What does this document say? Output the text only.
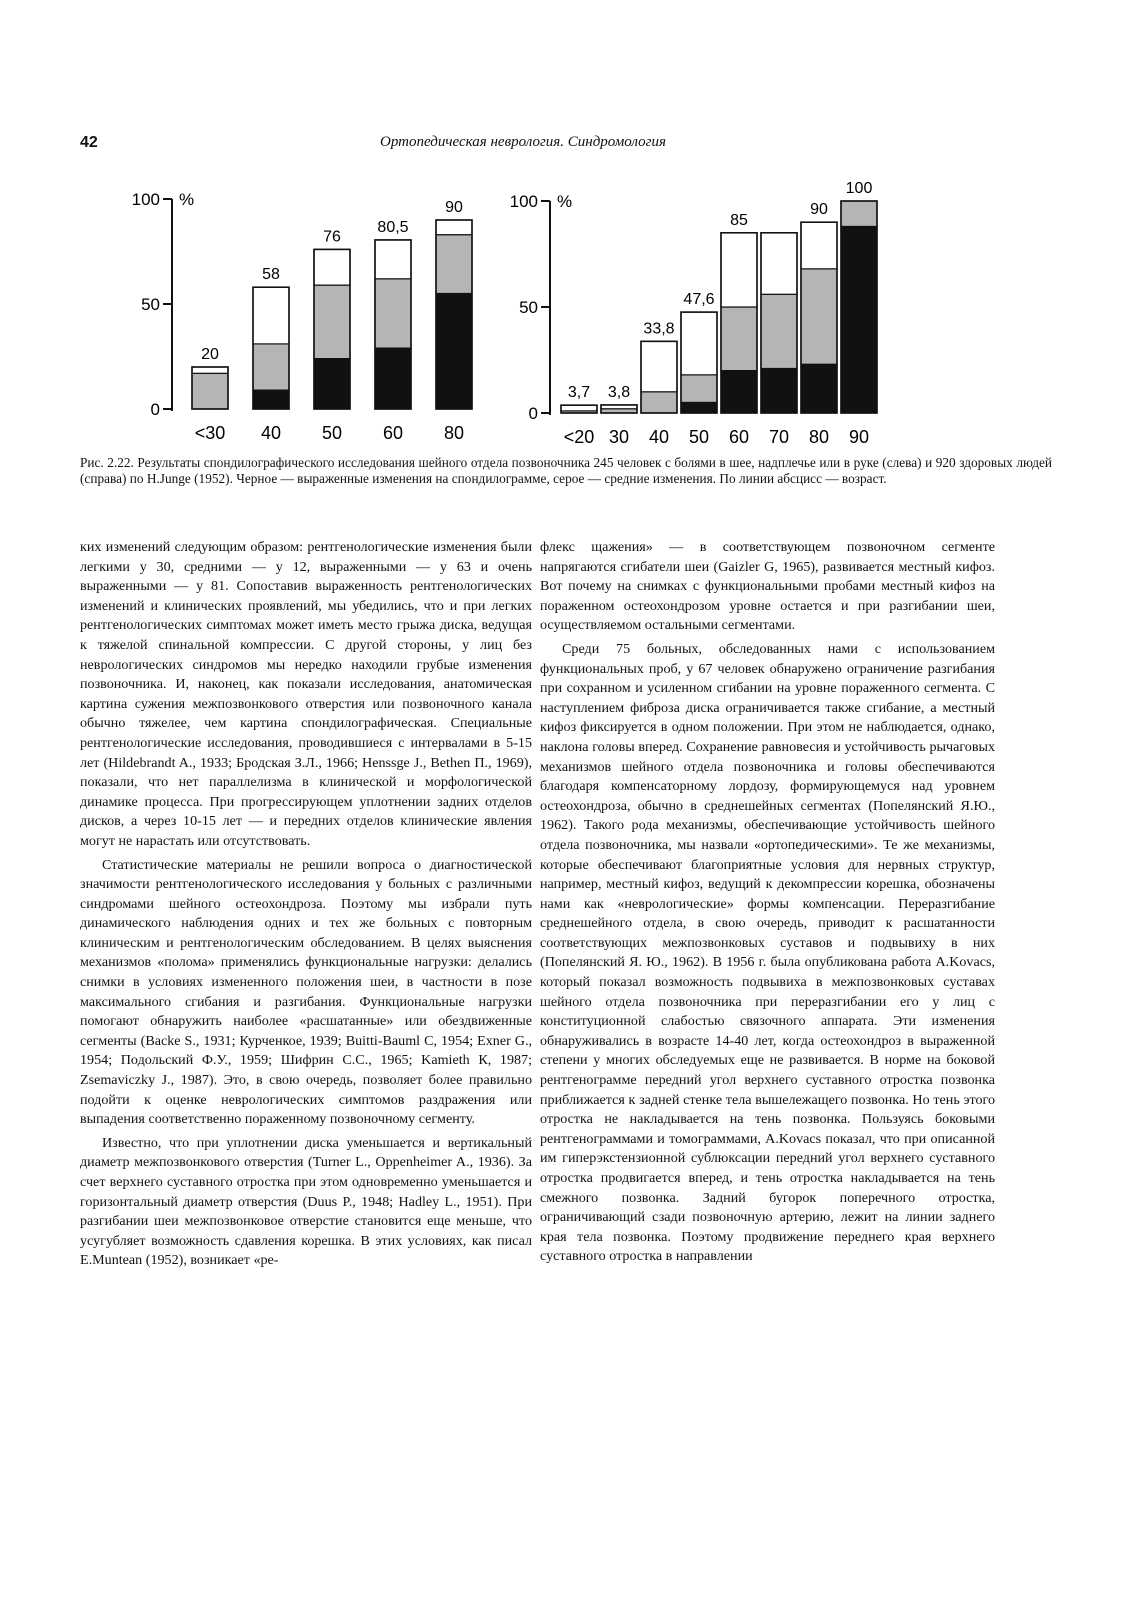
42	Ортопедическая неврология. Синдромология
0
50
100 %
20
<30
58
40
76
50
80,5
60
90
80
0
50
100 %
3,7
<20
3,8
30
33,8
40
47,6
50
85
60 70
90
80
100
90
Рис. 2.22. Результаты спондилографического исследования шейного отдела позвоночника 245 человек с болями в шее, надплечье или в руке (слева) и 920 здоровых людей (справа) по H.Junge (1952). Черное — выраженные изменения на спондилограмме, серое — средние изменения. По линии абсцисс — возраст.

ких изменений следующим образом: рентгенологические изменения были легкими у 30, средними — у 12, выраженными — у 63 и очень выраженными — у 81. Сопоставив выраженность рентгенологических изменений и клинических проявлений, мы убедились, что и при легких рентгенологических симптомах может иметь место грыжа диска, ведущая к тяжелой спинальной компрессии. С другой стороны, у лиц без неврологических синдромов мы нередко находили грубые изменения позвоночника. И, наконец, как показали исследования, анатомическая картина сужения межпозвонкового отверстия или позвоночного канала обычно тяжелее, чем картина спондилографическая. Специальные рентгенологические исследования, проводившиеся с интервалами в 5-15 лет (Hildebrandt A., 1933; Бродская З.Л., 1966; Henssge J., Bethen П., 1969), показали, что нет параллелизма в клинической и морфологической динамике процесса. При прогрессирующем уплотнении задних отделов дисков, а через 10-15 лет — и передних отделов клинические явления могут не нарастать или отсутствовать.

Статистические материалы не решили вопроса о диагностической значимости рентгенологического исследования у больных с различными синдромами шейного остеохондроза. Поэтому мы избрали путь динамического наблюдения одних и тех же больных с повторным клиническим и рентгенологическим обследованием. В целях выяснения механизмов «полома» применялись функциональные нагрузки: делались снимки в условиях измененного положения шеи, в частности в позе максимального сгибания и разгибания. Функциональные нагрузки помогают обнаружить наиболее «расшатанные» или обездвиженные сегменты (Backe S., 1931; Курченкое, 1939; Buitti-Bauml C, 1954; Exner G., 1954; Подольский Ф.У., 1959; Шифрин С.С., 1965; Kamieth К, 1987; Zsemaviczky J., 1987). Это, в свою очередь, позволяет более правильно подойти к оценке неврологических симптомов раздражения или выпадения соответственно пораженному позвоночному сегменту.

Известно, что при уплотнении диска уменьшается и вертикальный диаметр межпозвонкового отверстия (Turner L., Oppenheimer A., 1936). За счет верхнего суставного отростка при этом одновременно уменьшается и горизонтальный диаметр отверстия (Duus P., 1948; Hadley L., 1951). При разгибании шеи межпозвонковое отверстие становится еще меньше, что усугубляет возможность сдавления корешка. В этих условиях, как писал E.Muntean (1952), возникает «ре-

флекс щажения» — в соответствующем позвоночном сегменте напрягаются сгибатели шеи (Gaizler G, 1965), развивается местный кифоз. Вот почему на снимках с функциональными пробами местный кифоз на пораженном остеохондрозом уровне остается и при разгибании шеи, осуществляемом остальными сегментами.

Среди 75 больных, обследованных нами с использованием функциональных проб, у 67 человек обнаружено ограничение разгибания при сохранном и усиленном сгибании на уровне пораженного сегмента. С наступлением фиброза диска ограничивается также сгибание, а местный кифоз фиксируется в одном положении. При этом не наблюдается, однако, наклона головы вперед. Сохранение равновесия и устойчивость рычаговых механизмов шейного отдела позвоночника и головы обеспечиваются благодаря компенсаторному лордозу, формирующемуся над уровнем остеохондроза, обычно в среднешейных сегментах (Попелянский Я.Ю., 1962). Такого рода механизмы, обеспечивающие устойчивость шейного отдела позвоночника, мы назвали «ортопедическими». Те же механизмы, которые обеспечивают благоприятные условия для нервных структур, например, местный кифоз, ведущий к декомпрессии корешка, обозначены нами как «неврологические» формы компенсации. Переразгибание среднешейного отдела, в свою очередь, приводит к расшатанности соответствующих межпозвонковых суставов и подвывиху в них (Попелянский Я. Ю., 1962). В 1956 г. была опубликована работа A.Kovacs, который показал возможность подвывиха в межпозвонковых суставах шейного отдела позвоночника при переразгибании его у лиц с конституционной слабостью связочного аппарата. Эти изменения обнаруживались в возрасте 14-40 лет, когда остеохондроз в выраженной степени у многих обследуемых еще не развивается. В норме на боковой рентгенограмме передний угол верхнего суставного отростка позвонка приближается к задней стенке тела вышележащего позвонка. Но тень этого отростка не накладывается на тень позвонка. Пользуясь боковыми рентгенограммами и томограммами, A.Kovacs показал, что при описанной им гиперэкстензионной сублюксации передний угол верхнего суставного отростка продвигается вперед, и тень отростка накладывается на тень смежного позвонка. Задний бугорок поперечного отростка, ограничивающий сзади позвоночную артерию, лежит на линии заднего края тела позвонка. Поэтому продвижение переднего края верхнего суставного отростка в направлении
